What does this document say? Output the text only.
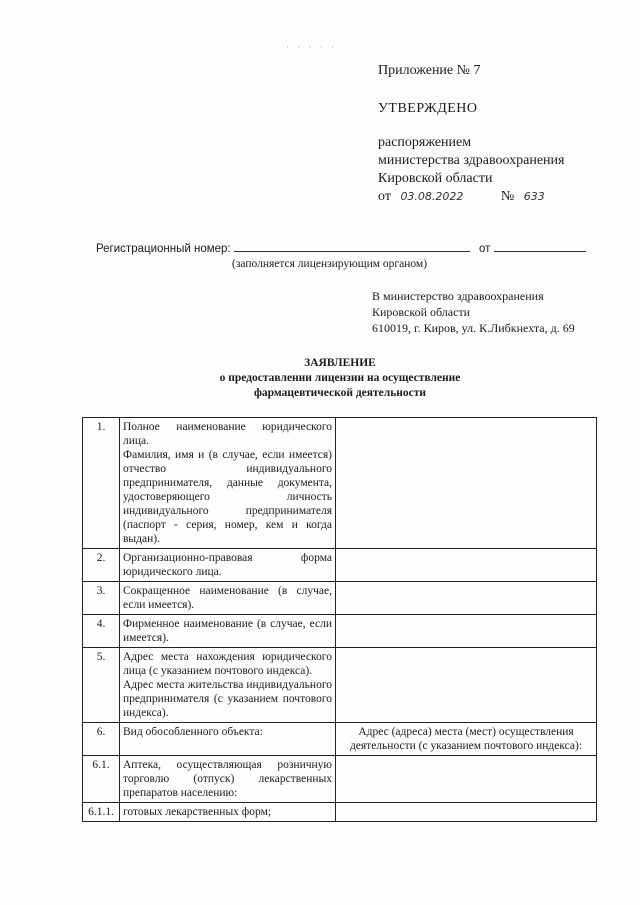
· · · · ·
Приложение № 7
УТВЕРЖДЕНО
распоряжением
министерства здравоохранения
Кировской области
от 03.08.2022	№ 633
Регистрационный номер:	от
(заполняется лицензирующим органом)
В министерство здравоохранения
Кировской области
610019, г. Киров, ул. К.Либкнехта, д. 69
ЗАЯВЛЕНИЕ
о предоставлении лицензии на осуществление
фармацевтической деятельности
1.	Полное наименование юридического лица.
Фамилия, имя и (в случае, если имеется) отчество индивидуального предпринимателя, данные документа, удостоверяющего личность индивидуального предпринимателя (паспорт - серия, номер, кем и когда выдан).	

2.	Организационно-правовая форма юридического лица.	

3.	Сокращенное наименование (в случае, если имеется).	

4.	Фирменное наименование (в случае, если имеется).	

5.	Адрес места нахождения юридического лица (с указанием почтового индекса).
Адрес места жительства индивидуального предпринимателя (с указанием почтового индекса).	

6.	Вид обособленного объекта:	Адрес (адреса) места (мест) осуществления деятельности (с указанием почтового индекса):
6.1.	Аптека, осуществляющая розничную торговлю (отпуск) лекарственных препаратов населению:	

6.1.1.	готовых лекарственных форм;	
